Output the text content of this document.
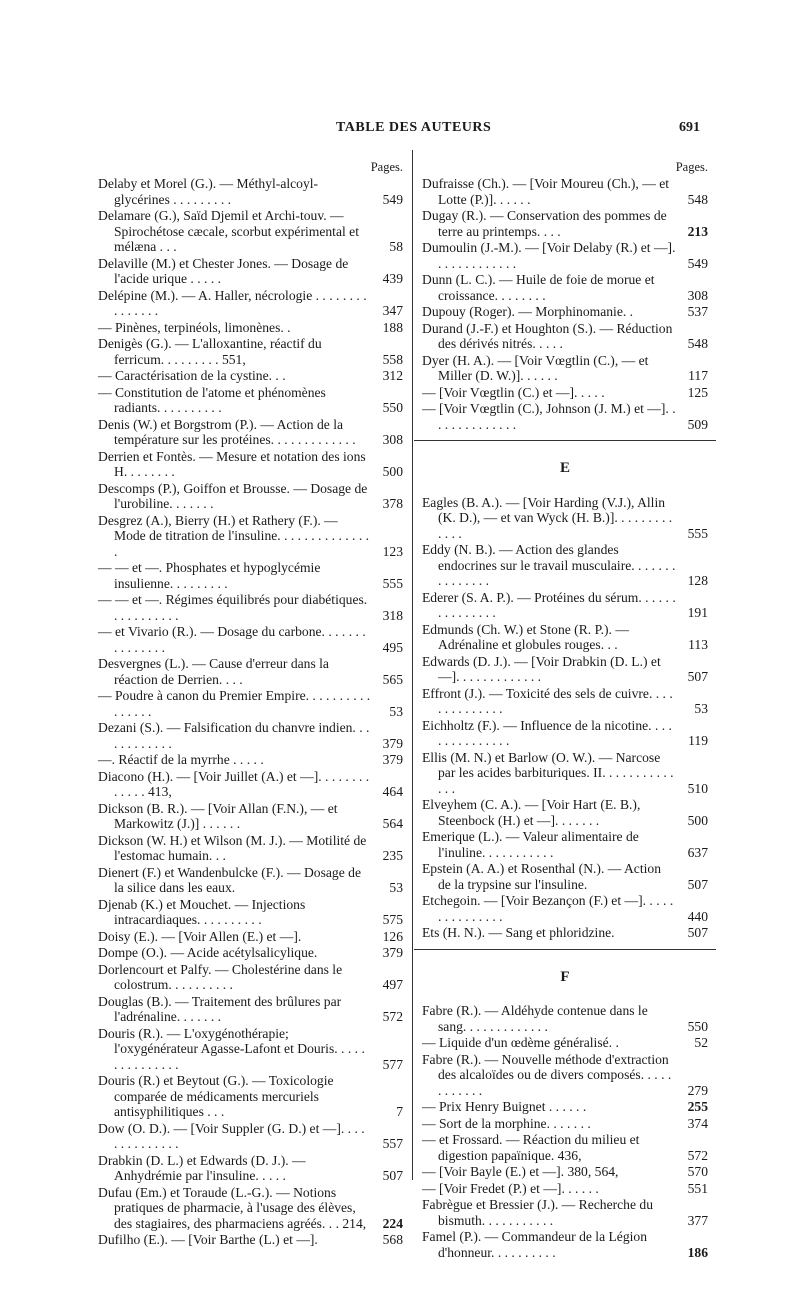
TABLE DES AUTEURS	691
Pages.
Delaby et Morel (G.). — Méthyl-alcoyl-glycérines . . . . . . . . .	549
Delamare (G.), Saïd Djemil et Archi-touv. — Spirochétose cæcale, scorbut expérimental et mélæna . . .	58
Delaville (M.) et Chester Jones. — Dosage de l'acide urique . . . . .	439
Delépine (M.). — A. Haller, nécrologie . . . . . . . . . . . . . . .	347
— Pinènes, terpinéols, limonènes. .	188
Denigès (G.). — L'alloxantine, réactif du ferricum. . . . . . . . . 551,	558
— Caractérisation de la cystine. . .	312
— Constitution de l'atome et phénomènes radiants. . . . . . . . . .	550
Denis (W.) et Borgstrom (P.). — Action de la température sur les protéines. . . . . . . . . . . . .	308
Derrien et Fontès. — Mesure et notation des ions H. . . . . . . .	500
Descomps (P.), Goiffon et Brousse. — Dosage de l'urobiline. . . . . . .	378
Desgrez (A.), Bierry (H.) et Rathery (F.). — Mode de titration de l'insuline. . . . . . . . . . . . . . .	123
— — et —. Phosphates et hypoglycémie insulienne. . . . . . . . .	555
— — et —. Régimes équilibrés pour diabétiques. . . . . . . . . . .	318
— et Vivario (R.). — Dosage du carbone. . . . . . . . . . . . . . .	495
Desvergnes (L.). — Cause d'erreur dans la réaction de Derrien. . . .	565
— Poudre à canon du Premier Empire. . . . . . . . . . . . . . . .	53
Dezani (S.). — Falsification du chanvre indien. . . . . . . . . . . .	379
—. Réactif de la myrrhe . . . . .	379
Diacono (H.). — [Voir Juillet (A.) et —]. . . . . . . . . . . . . 413,	464
Dickson (B. R.). — [Voir Allan (F.N.), — et Markowitz (J.)] . . . . . .	564
Dickson (W. H.) et Wilson (M. J.). — Motilité de l'estomac humain. . .	235
Dienert (F.) et Wandenbulcke (F.). — Dosage de la silice dans les eaux.	53
Djenab (K.) et Mouchet. — Injections intracardiaques. . . . . . . . . .	575
Doisy (E.). — [Voir Allen (E.) et —].	126
Dompe (O.). — Acide acétylsalicylique.	379
Dorlencourt et Palfy. — Cholestérine dans le colostrum. . . . . . . . . .	497
Douglas (B.). — Traitement des brûlures par l'adrénaline. . . . . . .	572
Douris (R.). — L'oxygénothérapie; l'oxygénérateur Agasse-Lafont et Douris. . . . . . . . . . . . . . .	577
Douris (R.) et Beytout (G.). — Toxicologie comparée de médicaments mercuriels antisyphilitiques . . .	7
Dow (O. D.). — [Voir Suppler (G. D.) et —]. . . . . . . . . . . . . .	557
Drabkin (D. L.) et Edwards (D. J.). — Anhydrémie par l'insuline. . . . .	507
Dufau (Em.) et Toraude (L.-G.). — Notions pratiques de pharmacie, à l'usage des élèves, des stagiaires, des pharmaciens agréés. . . 214,	224
Dufilho (E.). — [Voir Barthe (L.) et —].	568
Pages.
Dufraisse (Ch.). — [Voir Moureu (Ch.), — et Lotte (P.)]. . . . . .	548
Dugay (R.). — Conservation des pommes de terre au printemps. . . .	213
Dumoulin (J.-M.). — [Voir Delaby (R.) et —]. . . . . . . . . . . . .	549
Dunn (L. C.). — Huile de foie de morue et croissance. . . . . . . .	308
Dupouy (Roger). — Morphinomanie. .	537
Durand (J.-F.) et Houghton (S.). — Réduction des dérivés nitrés. . . . .	548
Dyer (H. A.). — [Voir Vœgtlin (C.), — et Miller (D. W.)]. . . . . .	117
— [Voir Vœgtlin (C.) et —]. . . . .	125
— [Voir Vœgtlin (C.), Johnson (J. M.) et —]. . . . . . . . . . . . . .	509
E
Eagles (B. A.). — [Voir Harding (V.J.), Allin (K. D.), — et van Wyck (H. B.)]. . . . . . . . . . . . .	555
Eddy (N. B.). — Action des glandes endocrines sur le travail musculaire. . . . . . . . . . . . . . .	128
Ederer (S. A. P.). — Protéines du sérum. . . . . . . . . . . . . . .	191
Edmunds (Ch. W.) et Stone (R. P.). — Adrénaline et globules rouges. . .	113
Edwards (D. J.). — [Voir Drabkin (D. L.) et —]. . . . . . . . . . . . .	507
Effront (J.). — Toxicité des sels de cuivre. . . . . . . . . . . . . .	53
Eichholtz (F.). — Influence de la nicotine. . . . . . . . . . . . . . .	119
Ellis (M. N.) et Barlow (O. W.). — Narcose par les acides barbituriques. II. . . . . . . . . . . . . .	510
Elveyhem (C. A.). — [Voir Hart (E. B.), Steenbock (H.) et —]. . . . . . .	500
Emerique (L.). — Valeur alimentaire de l'inuline. . . . . . . . . . .	637
Epstein (A. A.) et Rosenthal (N.). — Action de la trypsine sur l'insuline.	507
Etchegoin. — [Voir Bezançon (F.) et —]. . . . . . . . . . . . . . .	440
Ets (H. N.). — Sang et phloridzine.	507
F
Fabre (R.). — Aldéhyde contenue dans le sang. . . . . . . . . . . . .	550
— Liquide d'un œdème généralisé. .	52
Fabre (R.). — Nouvelle méthode d'extraction des alcaloïdes ou de divers composés. . . . . . . . . . . .	279
— Prix Henry Buignet . . . . . .	255
— Sort de la morphine. . . . . . .	374
— et Frossard. — Réaction du milieu et digestion papaïnique. 436,	572
— [Voir Bayle (E.) et —]. 380, 564,	570
— [Voir Fredet (P.) et —]. . . . . .	551
Fabrègue et Bressier (J.). — Recherche du bismuth. . . . . . . . . . .	377
Famel (P.). — Commandeur de la Légion d'honneur. . . . . . . . . .	186
